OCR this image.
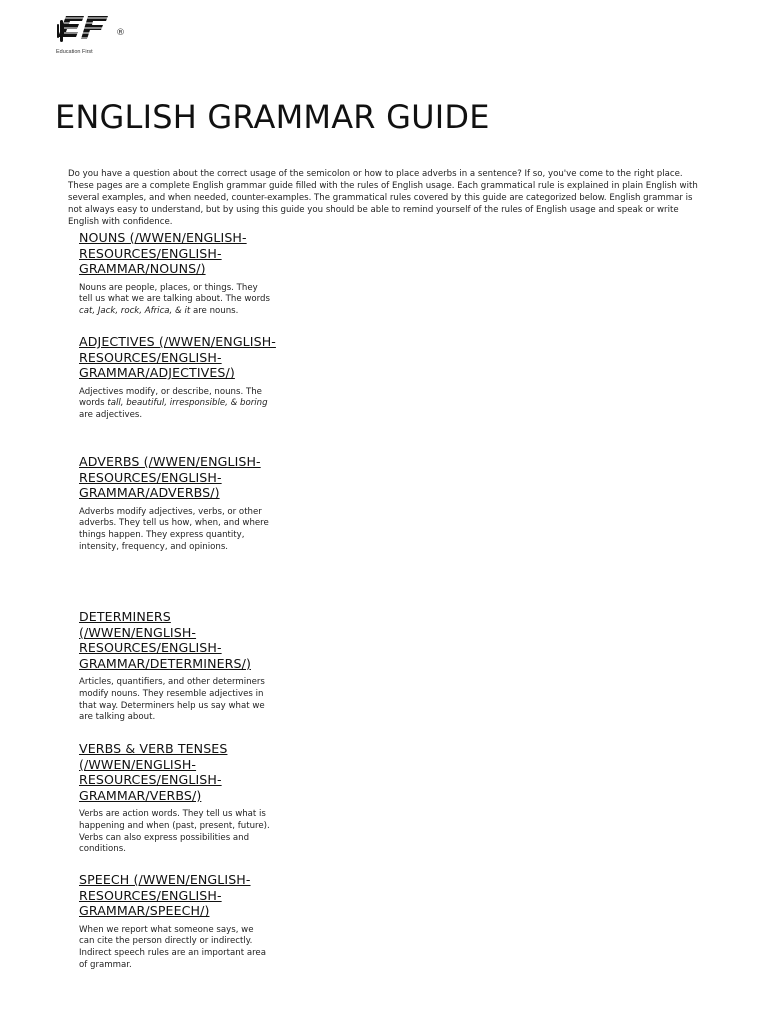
®
Education First
ENGLISH GRAMMAR GUIDE

Do you have a question about the correct usage of the semicolon or how to place adverbs in a sentence? If so, you've come to the right place. These pages are a complete English grammar guide filled with the rules of English usage. Each grammatical rule is explained in plain English with several examples, and when needed, counter-examples. The grammatical rules covered by this guide are categorized below. English grammar is not always easy to understand, but by using this guide you should be able to remind yourself of the rules of English usage and speak or write English with confidence.

NOUNS (/WWEN/ENGLISH-RESOURCES/ENGLISH-GRAMMAR/NOUNS/)

Nouns are people, places, or things. They tell us what we are talking about. The words cat, Jack, rock, Africa, & it are nouns.

ADJECTIVES (/WWEN/ENGLISH-RESOURCES/ENGLISH-GRAMMAR/ADJECTIVES/)

Adjectives modify, or describe, nouns. The words tall, beautiful, irresponsible, & boring are adjectives.

ADVERBS (/WWEN/ENGLISH-RESOURCES/ENGLISH-GRAMMAR/ADVERBS/)

Adverbs modify adjectives, verbs, or other adverbs. They tell us how, when, and where things happen. They express quantity, intensity, frequency, and opinions.

DETERMINERS (/WWEN/ENGLISH-RESOURCES/ENGLISH-GRAMMAR/DETERMINERS/)

Articles, quantifiers, and other determiners modify nouns. They resemble adjectives in that way. Determiners help us say what we are talking about.

VERBS & VERB TENSES (/WWEN/ENGLISH-RESOURCES/ENGLISH-GRAMMAR/VERBS/)

Verbs are action words. They tell us what is happening and when (past, present, future). Verbs can also express possibilities and conditions.

SPEECH (/WWEN/ENGLISH-RESOURCES/ENGLISH-GRAMMAR/SPEECH/)

When we report what someone says, we can cite the person directly or indirectly. Indirect speech rules are an important area of grammar.
